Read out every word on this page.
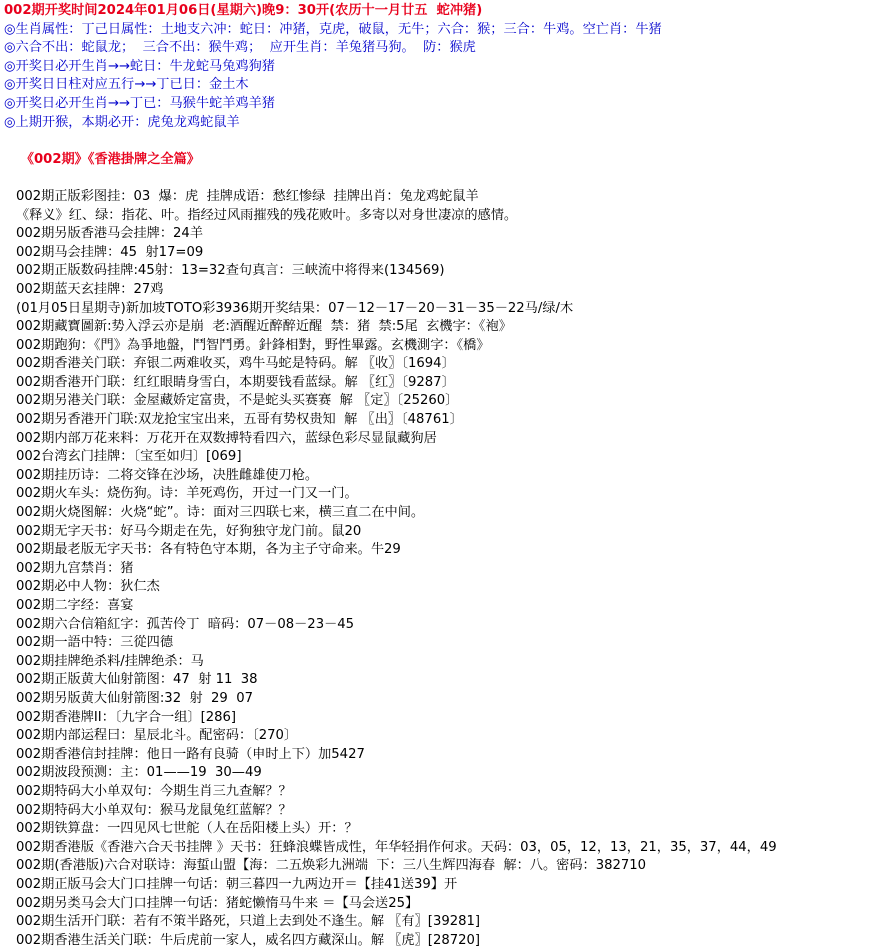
002期开奖时间2024年01月06日(星期六)晚9：30开(农历十一月廿五  蛇冲猪)
◎生肖属性：丁己日属性：土地支六冲：蛇日：冲猪，克虎，破鼠，无牛；六合：猴；三合：牛鸡。空亡肖：牛猪
◎六合不出：蛇鼠龙；  三合不出：猴牛鸡；  应开生肖：羊兔猪马狗。  防：猴虎
◎开奖日必开生肖→→蛇日：牛龙蛇马兔鸡狗猪
◎开奖日日柱对应五行→→丁已日：金土木
◎开奖日必开生肖→→丁已：马猴牛蛇羊鸡羊猪
◎上期开猴，本期必开：虎兔龙鸡蛇鼠羊

《002期》《香港掛牌之全篇》

002期正版彩图挂：03  爆：虎  挂牌成语：愁红惨绿  挂牌出肖：兔龙鸡蛇鼠羊
《释义》红、绿：指花、叶。指经过风雨摧残的残花败叶。多寄以对身世凄凉的感情。
002期另版香港马会挂牌：24羊
002期马会挂牌：45  射17=09
002期正版数码挂牌:45射：13=32查句真言：三峡流中将得来(134569)
002期蓝天玄挂牌：27鸡
(01月05日星期寺)新加坡TOTO彩3936期开奖结果：07－12－17－20－31－35－22马/绿/木
002期藏寶圖新:势入浮云亦是崩  老:酒醒近醉醉近醒  禁：猪  禁:5尾  玄機字：《袍》
002期跑狗：《門》為爭地盤，鬥智鬥勇。針鋒相對，野性畢露。玄機測字：《橋》
002期香港关门联：弃银二两难收买，鸡牛马蛇是特码。解 〖收〗〔1694〕
002期香港开门联：红红眼睛身雪白，本期要钱看蓝绿。解 〖红〗〔9287〕
002期另港关门联：金屋藏娇定富贵，不是蛇头买赛赛  解 〖定〗〔25260〕
002期另香港开门联:双龙抢宝宝出来，五哥有势权贵知  解 〖出〗〔48761〕
002期内部万花来料：万花开在双数搏特看四六，蓝绿色彩尽显鼠藏狗居
002台湾玄门挂牌：〔宝至如归〕[069]
002期挂历诗：二将交锋在沙场，决胜雌雄使刀枪。
002期火车头：烧伤狗。诗：羊死鸡伤，开过一门又一门。
002期火烧图解：火烧“蛇”。诗：面对三四联七来，横三直二在中间。
002期无字天书：好马今期走在先，好狗独守龙门前。鼠20
002期最老版无字天书：各有特色守本期，各为主子守命来。牛29
002期九宫禁肖：猪
002期必中人物：狄仁杰
002期二字经：喜宴
002期六合信箱紅字：孤苦伶丁  暗码：07－08－23－45
002期一語中特：三從四德
002期挂牌绝杀料/挂牌绝杀：马
002期正版黄大仙射箭图：47  射 11  38
002期另版黄大仙射箭图:32  射  29  07
002期香港牌II：〔九字合一组〕[286]
002期内部运程曰：星辰北斗。配密码：〔270〕
002期香港信封挂牌：他日一路有良骑（申时上下）加5427
002期波段预测：主：01——19  30—49
002期特码大小单双句：今期生肖三九查解？？
002期特码大小单双句：猴马龙鼠兔红蓝解？？
002期铁算盘：一四见风七世舵（人在岳阳楼上头）开：？
002期香港版《香港六合天书挂牌 》天书：狂蜂浪蝶皆成性，年华轻捐作何求。天码：03，05，12，13，21，35，37，44，49
002期(香港版)六合对联诗：海蜇山盟【海：二五焕彩九洲端  下：三八生辉四海春  解：八。密码：382710
002期正版马会大门口挂牌一句话：朝三暮四一九两边开＝【挂41送39】开
002期另类马会大门口挂牌一句话：猪蛇懒惰马牛来 ＝【马会送25】
002期生活开门联：若有不策半路死，只道上去到处不逢生。解 〖有〗[39281]
002期香港生活关门联：牛后虎前一家人，威名四方藏深山。解 〖虎〗[28720]
